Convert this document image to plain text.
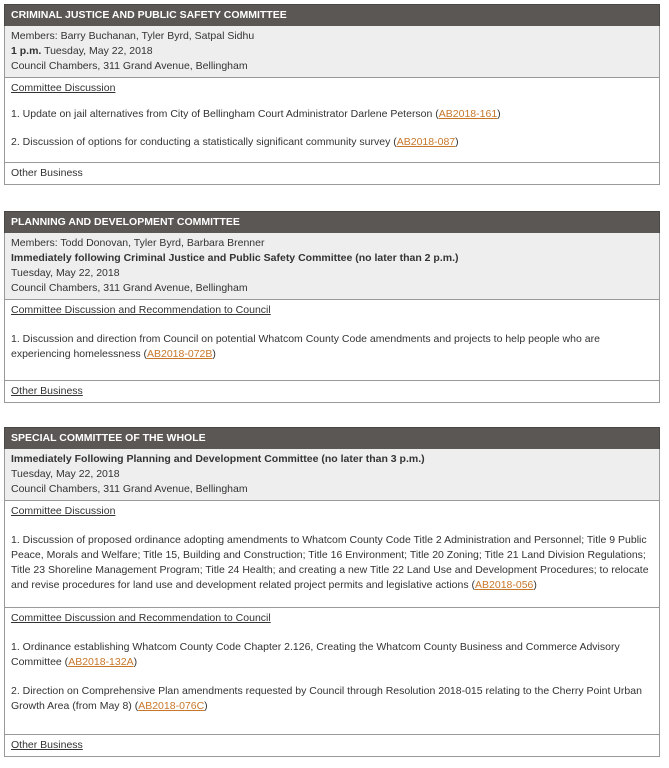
CRIMINAL JUSTICE AND PUBLIC SAFETY COMMITTEE
Members: Barry Buchanan, Tyler Byrd, Satpal Sidhu
1 p.m. Tuesday, May 22, 2018
Council Chambers, 311 Grand Avenue, Bellingham
Committee Discussion
1. Update on jail alternatives from City of Bellingham Court Administrator Darlene Peterson (AB2018-161)
2. Discussion of options for conducting a statistically significant community survey (AB2018-087)
Other Business
PLANNING AND DEVELOPMENT COMMITTEE
Members: Todd Donovan, Tyler Byrd, Barbara Brenner
Immediately following Criminal Justice and Public Safety Committee (no later than 2 p.m.)
Tuesday, May 22, 2018
Council Chambers, 311 Grand Avenue, Bellingham
Committee Discussion and Recommendation to Council
1. Discussion and direction from Council on potential Whatcom County Code amendments and projects to help people who are experiencing homelessness (AB2018-072B)
Other Business
SPECIAL COMMITTEE OF THE WHOLE
Immediately Following Planning and Development Committee (no later than 3 p.m.)
Tuesday, May 22, 2018
Council Chambers, 311 Grand Avenue, Bellingham
Committee Discussion
1. Discussion of proposed ordinance adopting amendments to Whatcom County Code Title 2 Administration and Personnel; Title 9 Public Peace, Morals and Welfare; Title 15, Building and Construction; Title 16 Environment; Title 20 Zoning; Title 21 Land Division Regulations; Title 23 Shoreline Management Program; Title 24 Health; and creating a new Title 22 Land Use and Development Procedures; to relocate and revise procedures for land use and development related project permits and legislative actions (AB2018-056)
Committee Discussion and Recommendation to Council
1. Ordinance establishing Whatcom County Code Chapter 2.126, Creating the Whatcom County Business and Commerce Advisory Committee (AB2018-132A)
2. Direction on Comprehensive Plan amendments requested by Council through Resolution 2018-015 relating to the Cherry Point Urban Growth Area (from May 8) (AB2018-076C)
Other Business
